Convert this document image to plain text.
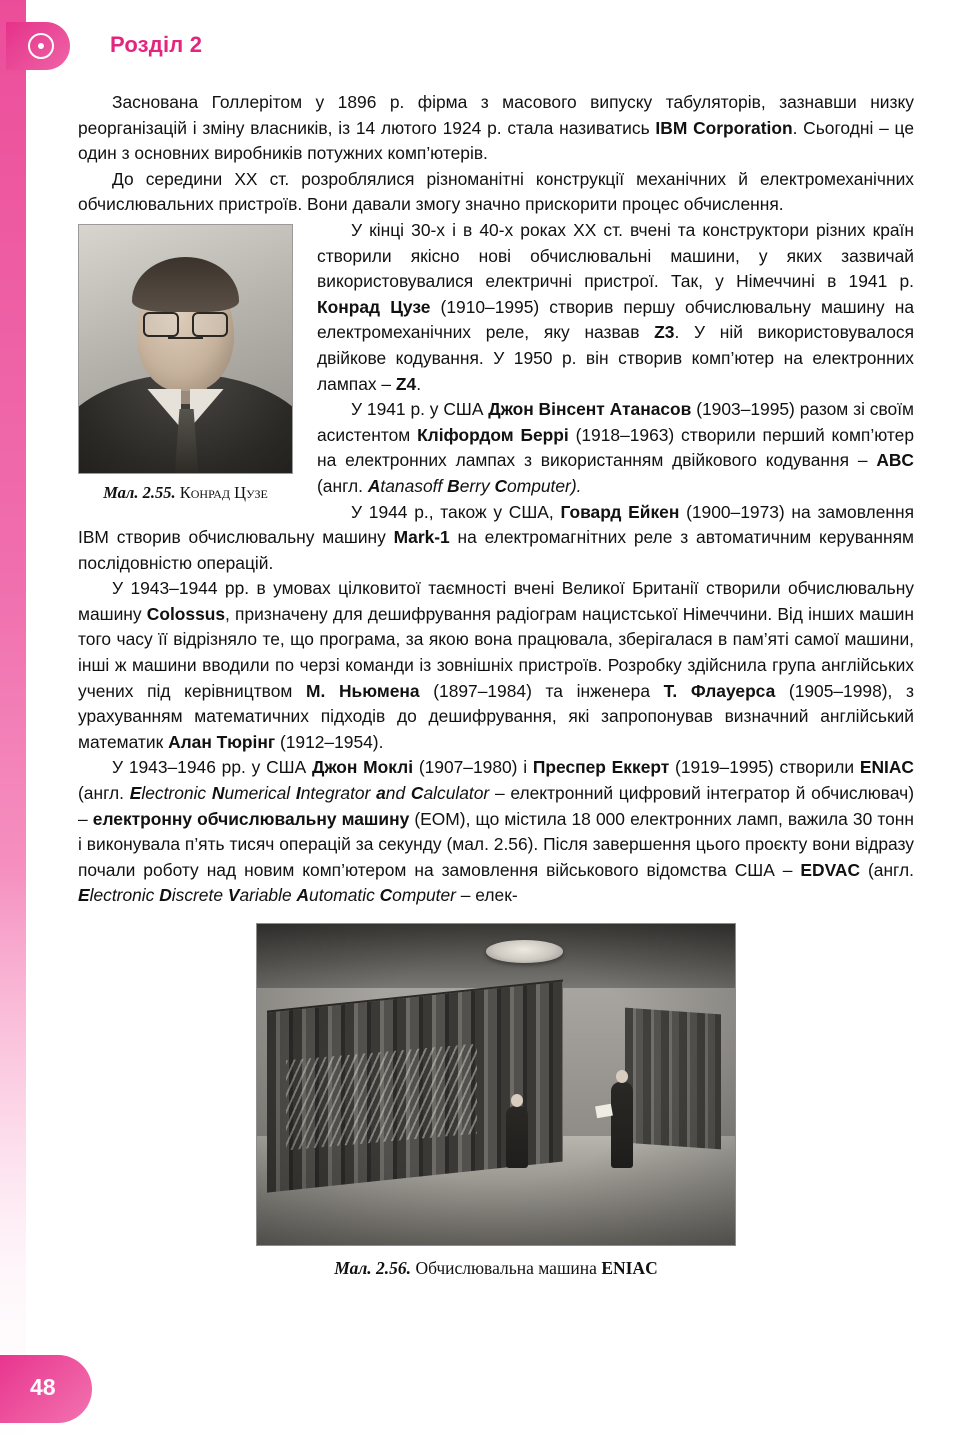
Розділ 2

Заснована Голлерітом у 1896 р. фірма з масового випуску табуляторів, зазнавши низку реорганізацій і зміну власників, із 14 лютого 1924 р. стала називатись IBM Corporation. Сьогодні – це один з основних виробників потужних комп’ютерів.

До середини XX ст. розроблялися різноманітні конструкції механічних й електромеханічних обчислювальних пристроїв. Вони давали змогу значно прискорити процес обчислення.

Мал. 2.55. Конрад Цузе

У кінці 30-х і в 40-х роках XX ст. вчені та конструктори різних країн створили якісно нові обчислювальні машини, у яких зазвичай використовувалися електричні пристрої. Так, у Німеччині в 1941 р. Конрад Цузе (1910–1995) створив першу обчислювальну машину на електромеханічних реле, яку назвав Z3. У ній використовувалося двійкове кодування. У 1950 р. він створив комп’ютер на електронних лампах – Z4.

У 1941 р. у США Джон Вінсент Атанасов (1903–1995) разом зі своїм асистентом Кліфордом Беррі (1918–1963) створили перший комп’ютер на електронних лампах з використанням двійкового кодування – ABC (англ. Atanasoff Berry Computer).

У 1944 р., також у США, Говард Ейкен (1900–1973) на замовлення IBM створив обчислювальну машину Mark-1 на електромагнітних реле з автоматичним керуванням послідовністю операцій.

У 1943–1944 рр. в умовах цілковитої таємності вчені Великої Британії створили обчислювальну машину Colossus, призначену для дешифрування радіограм нацистської Німеччини. Від інших машин того часу її відрізняло те, що програма, за якою вона працювала, зберігалася в пам’яті самої машини, інші ж машини вводили по черзі команди із зовнішніх пристроїв. Розробку здійснила група англійських учених під керівництвом М. Ньюмена (1897–1984) та інженера Т. Флауерса (1905–1998), з урахуванням математичних підходів до дешифрування, які запропонував визначний англійський математик Алан Тюрінг (1912–1954).

У 1943–1946 рр. у США Джон Моклі (1907–1980) і Преспер Еккерт (1919–1995) створили ENIAC (англ. Electronic Numerical Integrator and Calculator – електронний цифровий інтегратор й обчислювач) – електронну обчислювальну машину (ЕОМ), що містила 18 000 електронних ламп, важила 30 тонн і виконувала п’ять тисяч операцій за секунду (мал. 2.56). Після завершення цього проєкту вони відразу почали роботу над новим комп’ютером на замовлення військового відомства США – EDVAC (англ. Electronic Discrete Variable Automatic Computer – елек-

Мал. 2.56. Обчислювальна машина ENIAC
48
